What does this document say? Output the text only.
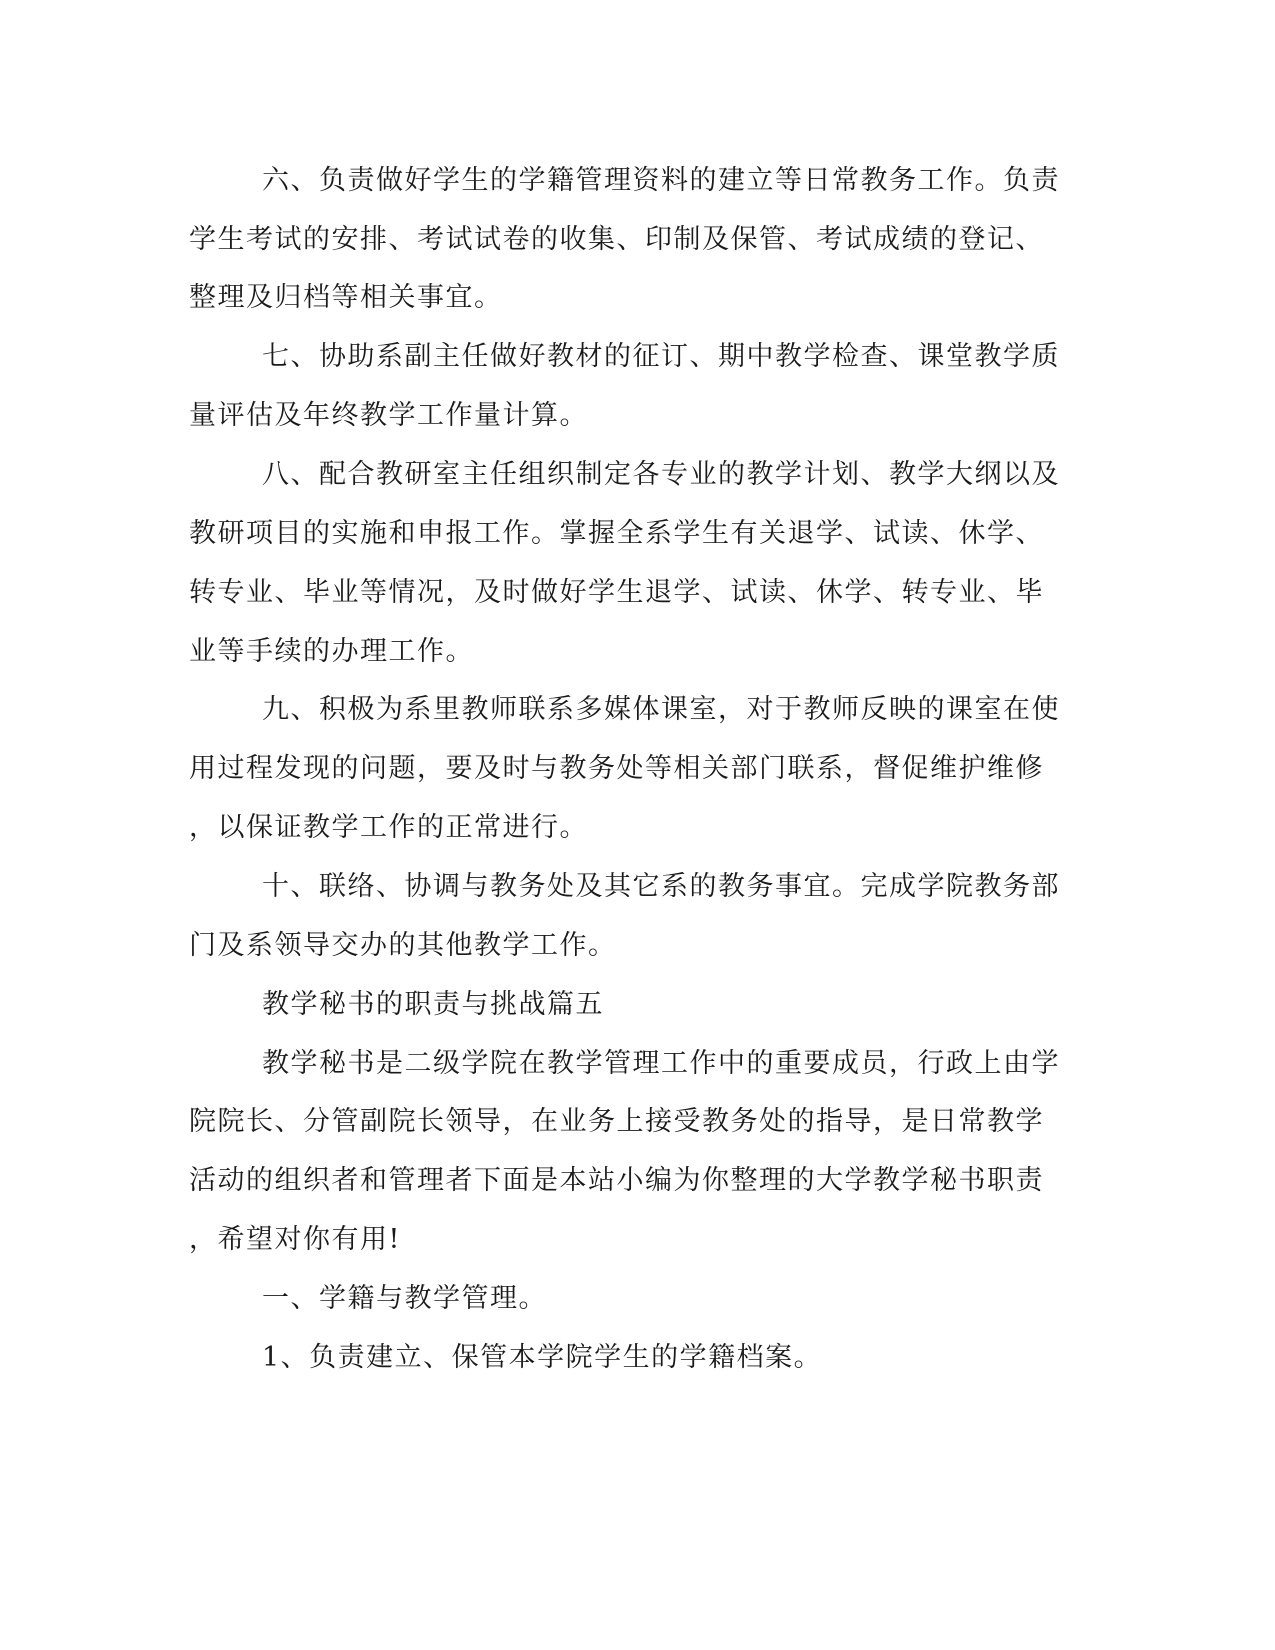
六、负责做好学生的学籍管理资料的建立等日常教务工作。负责

学生考试的安排、考试试卷的收集、印制及保管、考试成绩的登记、

整理及归档等相关事宜。

七、协助系副主任做好教材的征订、期中教学检查、课堂教学质

量评估及年终教学工作量计算。

八、配合教研室主任组织制定各专业的教学计划、教学大纲以及

教研项目的实施和申报工作。掌握全系学生有关退学、试读、休学、

转专业、毕业等情况，及时做好学生退学、试读、休学、转专业、毕

业等手续的办理工作。

九、积极为系里教师联系多媒体课室，对于教师反映的课室在使

用过程发现的问题，要及时与教务处等相关部门联系，督促维护维修

，以保证教学工作的正常进行。

十、联络、协调与教务处及其它系的教务事宜。完成学院教务部

门及系领导交办的其他教学工作。

教学秘书的职责与挑战篇五

教学秘书是二级学院在教学管理工作中的重要成员，行政上由学

院院长、分管副院长领导，在业务上接受教务处的指导，是日常教学

活动的组织者和管理者下面是本站小编为你整理的大学教学秘书职责

，希望对你有用!

一、学籍与教学管理。

1、负责建立、保管本学院学生的学籍档案。
